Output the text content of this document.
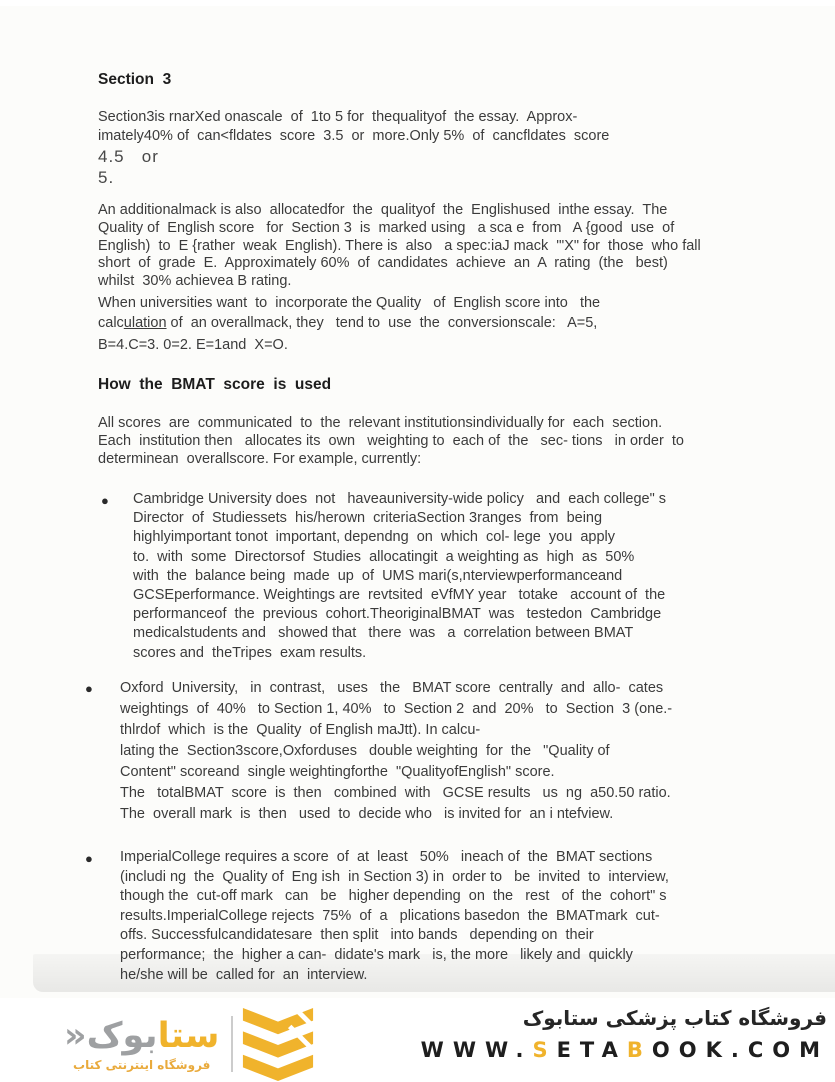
Section  3
Section3is rnarXed onascale  of  1to 5 for  thequalityof  the essay.  Approx-
imately40% of  can<fldates  score  3.5  or  more.Only 5%  of  cancfldates  score
4.5   or
5.
An additionalmack is also  allocatedfor  the  qualityof  the  Englishused  inthe essay.  The
Quality of  English score   for  Section 3  is  marked using   a sca e  from   A {good  use  of
English)  to  E {rather  weak  English). There is  also   a spec:iaJ mack  '"X" for  those  who fall
short  of  grade  E.  Approximately 60%  of  candidates  achieve  an  A  rating  (the   best)
whilst  30% achievea B rating.
When universities want  to  incorporate the Quality   of  English score into   the
calculation of  an overallmack, they   tend to  use  the  conversionscale:   A=5,
B=4.C=3. 0=2. E=1and  X=O.
How  the  BMAT  score  is  used
All scores  are  communicated  to  the  relevant institutionsindividually for  each  section.
Each  institution then   allocates its  own   weighting to  each of  the   sec- tions   in order  to
determinean  overallscore. For example, currently:
● Cambridge University does  not   haveauniversity-wide policy   and  each college" s
Director  of  Studiessets  his/herown  criteriaSection 3ranges  from  being
highlyimportant tonot  important, dependng  on  which  col- lege  you  apply
to.  with  some  Directorsof  Studies  allocatingit  a weighting as  high  as  50%
with  the  balance being  made  up  of  UMS mari(s,nterviewperformanceand
GCSEperformance. Weightings are  revtsited  eVfMY year   totake   account of  the
performanceof  the  previous  cohort.TheoriginalBMAT  was   testedon  Cambridge
medicalstudents and   showed that   there  was   a  correlation between BMAT
scores and  theTripes  exam results.
● Oxford  University,   in  contrast,   uses   the   BMAT score  centrally  and  allo-  cates
weightings  of  40%   to Section 1, 40%   to  Section 2  and  20%   to  Section  3 (one.-
thlrdof  which  is the  Quality  of English maJtt). In calcu-
lating the  Section3score,Oxforduses   double weighting  for  the   "Quality of
Content" scoreand  single weightingforthe  "QualityofEnglish" score.
The   totalBMAT  score  is  then   combined  with   GCSE results   us  ng  a50.50 ratio.
The  overall mark  is  then   used  to  decide who   is invited for  an i ntefview.
● ImperialCollege requires a score  of  at  least   50%   ineach of  the  BMAT sections
(includi ng  the  Quality of  Eng ish  in Section 3) in  order to   be  invited  to  interview,
though the  cut-off mark   can   be   higher depending  on  the   rest   of  the  cohort" s
results.ImperialCollege rejects  75%  of  a   plications basedon  the  BMATmark  cut-
offs. Successfulcandidatesare  then split   into bands   depending on  their
performance;  the  higher a can-  didate's mark   is, the more   likely and  quickly
he/she will be  called for  an  interview.
ستابوک«
فروشگاه اینترنتی کتاب
فروشگاه کتاب پزشکی ستابوک
WWW.SETABOOK.COM
